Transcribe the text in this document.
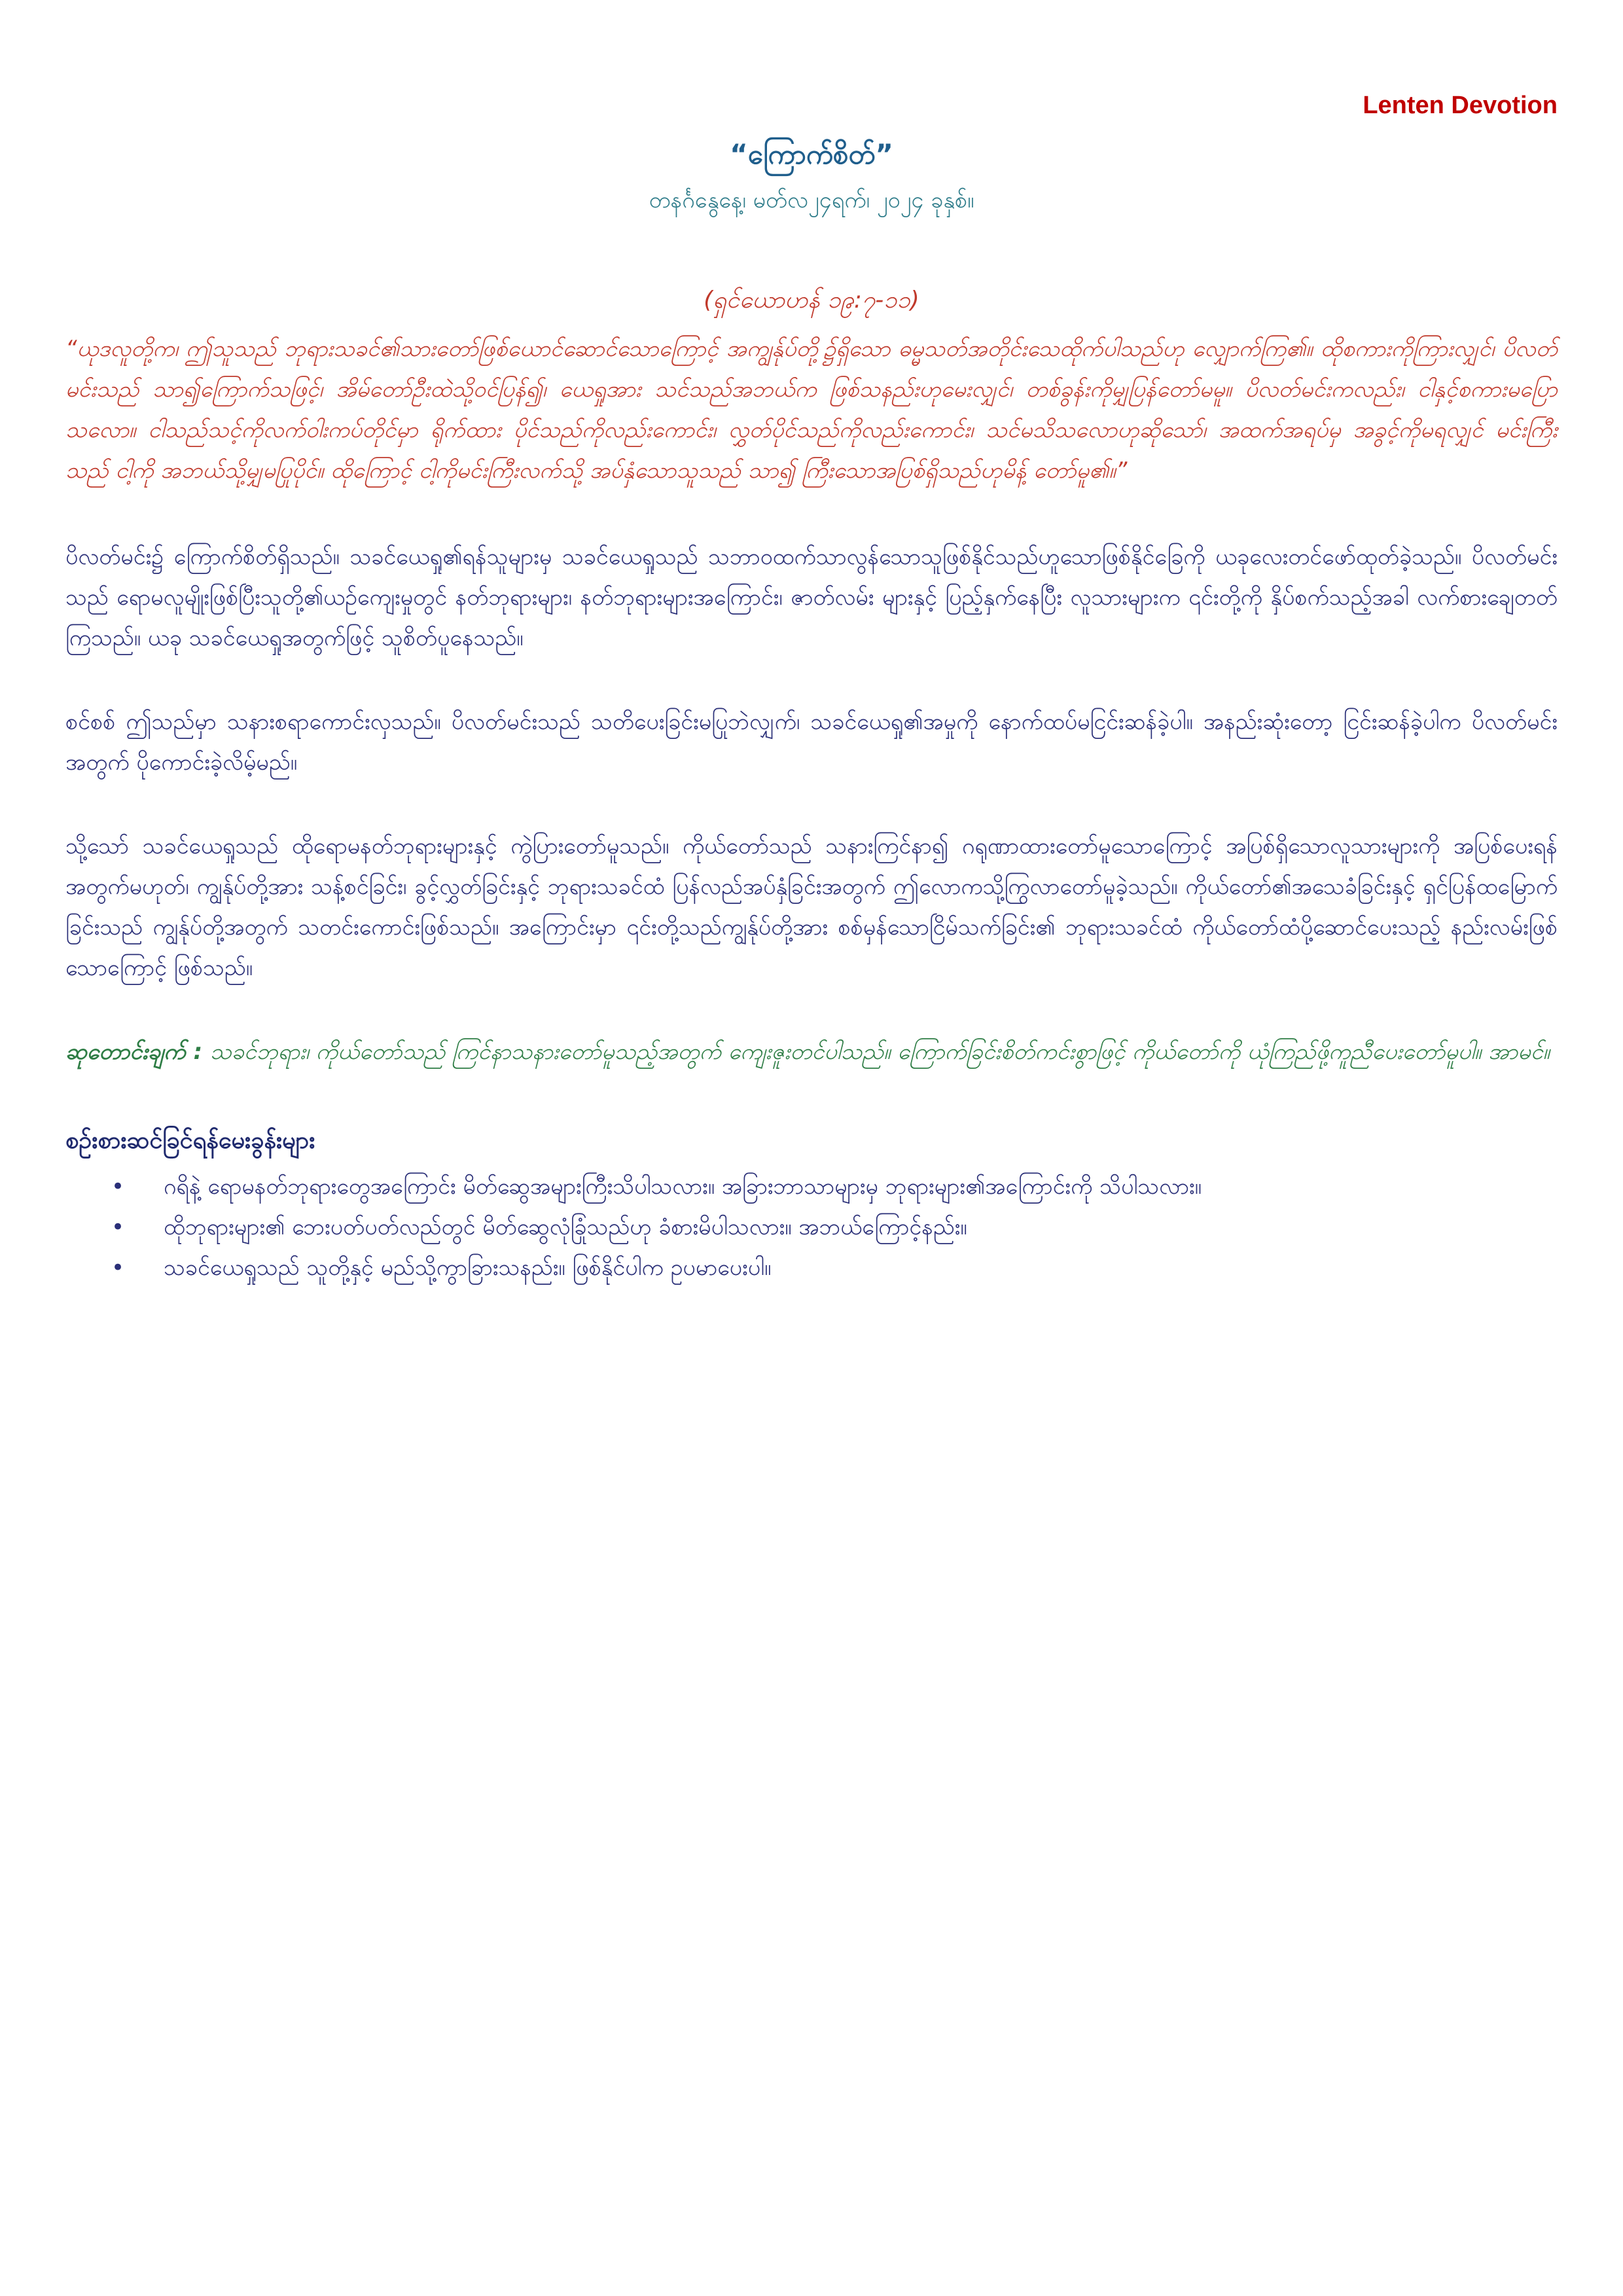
Lenten Devotion
“ကြောက်စိတ်”
တနင်္ဂနွေနေ့၊ မတ်လ၂၄ရက်၊ ၂၀၂၄ ခုနှစ်။
(ရှင်ယောဟန် ၁၉:၇-၁၁)

“ယုဒလူတို့က၊ ဤသူသည် ဘုရားသခင်၏သားတော်ဖြစ်ယောင်ဆောင်သောကြောင့် အကျွန်ုပ်တို့၌ရှိသော ဓမ္မသတ်အတိုင်းသေထိုက်ပါသည်ဟု လျှောက်ကြ၏။ ထိုစကားကိုကြားလျှင်၊ ပိလတ်မင်းသည် သာ၍ကြောက်သဖြင့်၊ အိမ်တော်ဦးထဲသို့ဝင်ပြန်၍၊ ယေရှုအား သင်သည်အဘယ်က ဖြစ်သနည်းဟုမေးလျှင်၊ တစ်ခွန်းကိုမျှပြန်တော်မမူ။ ပိလတ်မင်းကလည်း၊ ငါနှင့်စကားမပြောသလော။ ငါသည်သင့်ကိုလက်ဝါးကပ်တိုင်မှာ ရိုက်ထား ပိုင်သည်ကိုလည်းကောင်း၊ လွှတ်ပိုင်သည်ကိုလည်းကောင်း၊ သင်မသိသလောဟုဆိုသော်၊ အထက်အရပ်မှ အခွင့်ကိုမရလျှင် မင်းကြီးသည် ငါ့ကို အဘယ်သို့မျှမပြုပိုင်။ ထိုကြောင့် ငါ့ကိုမင်းကြီးလက်သို့ အပ်နှံသောသူသည် သာ၍ ကြီးသောအပြစ်ရှိသည်ဟုမိန့် တော်မူ၏။”

ပိလတ်မင်း၌ ကြောက်စိတ်ရှိသည်။ သခင်ယေရှု၏ရန်သူများမှ သခင်ယေရှုသည် သဘာဝထက်သာလွန်သောသူဖြစ်နိုင်သည်ဟူသောဖြစ်နိုင်ခြေကို ယခုလေးတင်ဖော်ထုတ်ခဲ့သည်။ ပိလတ်မင်းသည် ရောမလူမျိုးဖြစ်ပြီးသူတို့၏ယဉ်ကျေးမှုတွင် နတ်ဘုရားများ၊ နတ်ဘုရားများအကြောင်း၊ ဇာတ်လမ်း များနှင့် ပြည့်နှက်နေပြီး လူသားများက ၎င်းတို့ကို နှိပ်စက်သည့်အခါ လက်စားချေတတ်ကြသည်။ ယခု သခင်ယေရှုအတွက်ဖြင့် သူစိတ်ပူနေသည်။

စင်စစ် ဤသည်မှာ သနားစရာကောင်းလှသည်။ ပိလတ်မင်းသည် သတိပေးခြင်းမပြုဘဲလျှက်၊ သခင်ယေရှု၏အမှုကို နောက်ထပ်မငြင်းဆန်ခဲ့ပါ။ အနည်းဆုံးတော့ ငြင်းဆန်ခဲ့ပါက ပိလတ်မင်းအတွက် ပိုကောင်းခဲ့လိမ့်မည်။

သို့သော် သခင်ယေရှုသည် ထိုရောမနတ်ဘုရားများနှင့် ကွဲပြားတော်မူသည်။ ကိုယ်တော်သည် သနားကြင်နာ၍ ဂရုဏာထားတော်မူသောကြောင့် အပြစ်ရှိသောလူသားများကို အပြစ်ပေးရန်အတွက်မဟုတ်၊ ကျွန်ုပ်တို့အား သန့်စင်ခြင်း၊ ခွင့်လွှတ်ခြင်းနှင့် ဘုရားသခင်ထံ ပြန်လည်အပ်နှံခြင်းအတွက် ဤလောကသို့ကြွလာတော်မူခဲ့သည်။ ကိုယ်တော်၏အသေခံခြင်းနှင့် ရှင်ပြန်ထမြောက်ခြင်းသည် ကျွန်ုပ်တို့အတွက် သတင်းကောင်းဖြစ်သည်။ အကြောင်းမှာ ၎င်းတို့သည်ကျွန်ုပ်တို့အား စစ်မှန်သောငြိမ်သက်ခြင်း၏ ဘုရားသခင်ထံ ကိုယ်တော်ထံပို့ဆောင်ပေးသည့် နည်းလမ်းဖြစ်သောကြောင့် ဖြစ်သည်။

ဆုတောင်းချက် : သခင်ဘုရား၊ ကိုယ်တော်သည် ကြင်နာသနားတော်မူသည့်အတွက် ကျေးဇူးတင်ပါသည်။ ကြောက်ခြင်းစိတ်ကင်းစွာဖြင့် ကိုယ်တော်ကို ယုံကြည်ဖို့ကူညီပေးတော်မူပါ။ အာမင်။

စဉ်းစားဆင်ခြင်ရန်မေးခွန်းများ
• ဂရိနဲ့ ရောမနတ်ဘုရားတွေအကြောင်း မိတ်ဆွေအများကြီးသိပါသလား။ အခြားဘာသာများမှ ဘုရားများ၏အကြောင်းကို သိပါသလား။
• ထိုဘုရားများ၏ ဘေးပတ်ပတ်လည်တွင် မိတ်ဆွေလုံခြုံသည်ဟု ခံစားမိပါသလား။ အဘယ်ကြောင့်နည်း။
• သခင်ယေရှုသည် သူတို့နှင့် မည်သို့ကွာခြားသနည်း။ ဖြစ်နိုင်ပါက ဥပမာပေးပါ။
